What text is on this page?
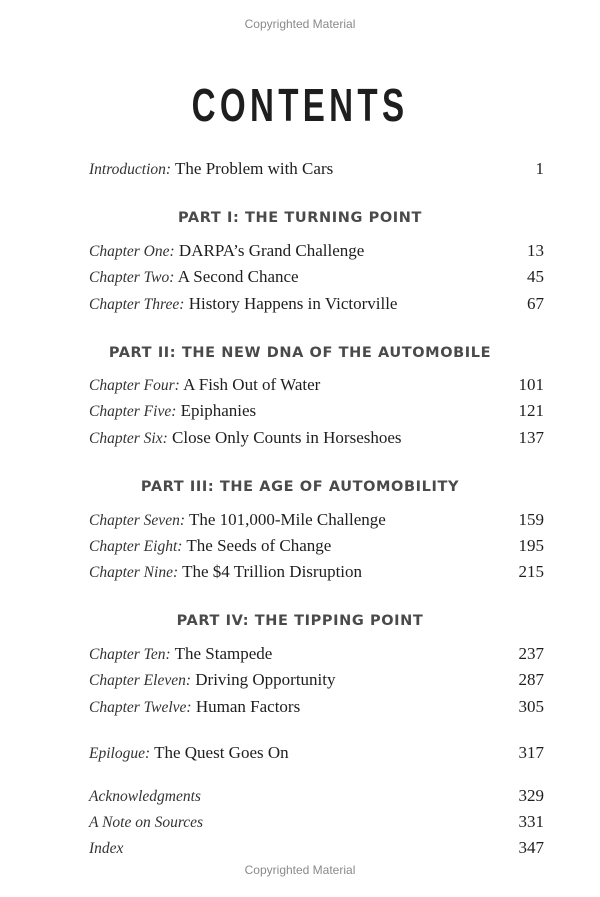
Copyrighted Material
CONTENTS
Introduction: The Problem with Cars	1
PART I: THE TURNING POINT
Chapter One: DARPA’s Grand Challenge	13
Chapter Two: A Second Chance	45
Chapter Three: History Happens in Victorville	67
PART II: THE NEW DNA OF THE AUTOMOBILE
Chapter Four: A Fish Out of Water	101
Chapter Five: Epiphanies	121
Chapter Six: Close Only Counts in Horseshoes	137
PART III: THE AGE OF AUTOMOBILITY
Chapter Seven: The 101,000-Mile Challenge	159
Chapter Eight: The Seeds of Change	195
Chapter Nine: The $4 Trillion Disruption	215
PART IV: THE TIPPING POINT
Chapter Ten: The Stampede	237
Chapter Eleven: Driving Opportunity	287
Chapter Twelve: Human Factors	305
Epilogue: The Quest Goes On	317
Acknowledgments	329
A Note on Sources	331
Index	347
Copyrighted Material
